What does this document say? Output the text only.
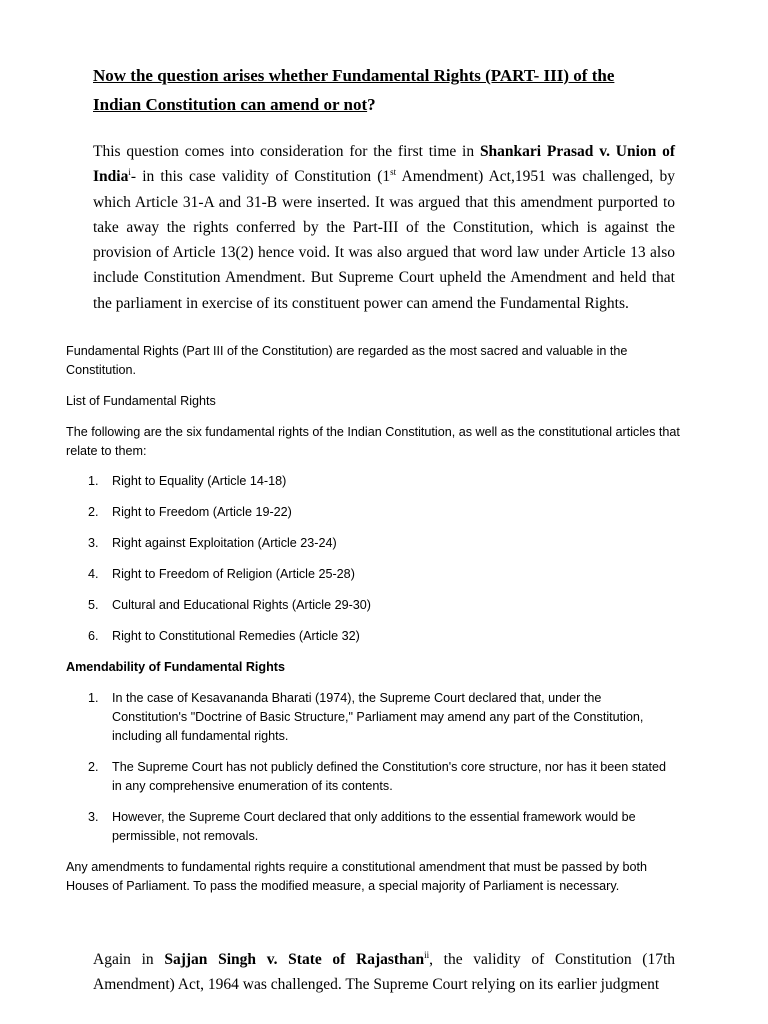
Now the question arises whether Fundamental Rights (PART- III) of the
Indian Constitution can amend or not?
This question comes into consideration for the first time in Shankari Prasad v. Union of India$^i$- in this case validity of Constitution (1st Amendment) Act,1951 was challenged, by which Article 31-A and 31-B were inserted. It was argued that this amendment purported to take away the rights conferred by the Part-III of the Constitution, which is against the provision of Article 13(2) hence void. It was also argued that word law under Article 13 also include Constitution Amendment. But Supreme Court upheld the Amendment and held that the parliament in exercise of its constituent power can amend the Fundamental Rights.
Fundamental Rights (Part III of the Constitution) are regarded as the most sacred and valuable in the Constitution.
List of Fundamental Rights
The following are the six fundamental rights of the Indian Constitution, as well as the constitutional articles that relate to them:
1. Right to Equality (Article 14-18)
2. Right to Freedom (Article 19-22)
3. Right against Exploitation (Article 23-24)
4. Right to Freedom of Religion (Article 25-28)
5. Cultural and Educational Rights (Article 29-30)
6. Right to Constitutional Remedies (Article 32)
Amendability of Fundamental Rights
1. In the case of Kesavananda Bharati (1974), the Supreme Court declared that, under the Constitution's "Doctrine of Basic Structure," Parliament may amend any part of the Constitution, including all fundamental rights.
2. The Supreme Court has not publicly defined the Constitution's core structure, nor has it been stated in any comprehensive enumeration of its contents.
3. However, the Supreme Court declared that only additions to the essential framework would be permissible, not removals.
Any amendments to fundamental rights require a constitutional amendment that must be passed by both Houses of Parliament. To pass the modified measure, a special majority of Parliament is necessary.
Again in Sajjan Singh v. State of Rajasthan$^{ii}$, the validity of Constitution (17th Amendment) Act, 1964 was challenged. The Supreme Court relying on its earlier judgment
